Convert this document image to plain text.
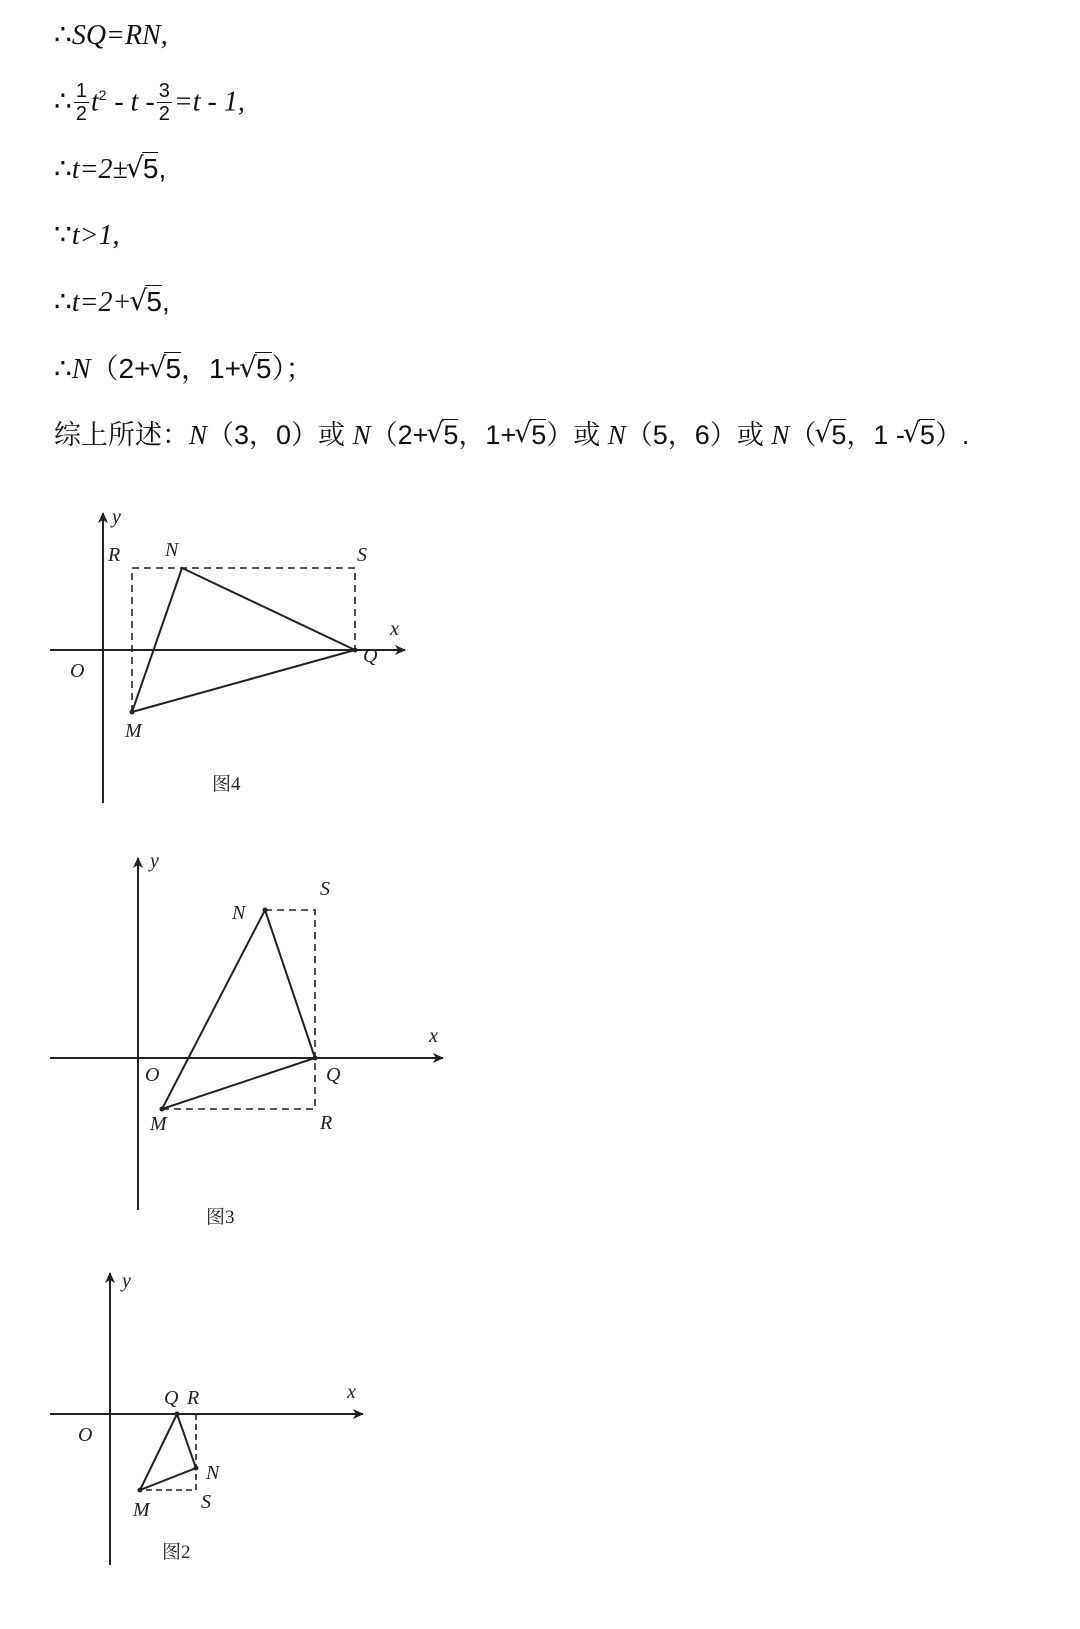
∴SQ=RN,
∴ $\frac{1}{2} t^2 - t - \frac{3}{2} =t - 1$,
∴t=2± √ 5,
∵t>1,
∴t=2+ √ 5,
∴N（2+ √ 5，1+ √ 5）；
综上所述：N（3，0）或 N（2+ √ 5，1+ √ 5）或 N（5，6）或 N（ √ 5，1 - √ 5）.
y
R N	S
x
Q
O
M
图4
y
N
S
x
O	Q
M	R
图3
y
Q R	x
O
N
S
M
图2
